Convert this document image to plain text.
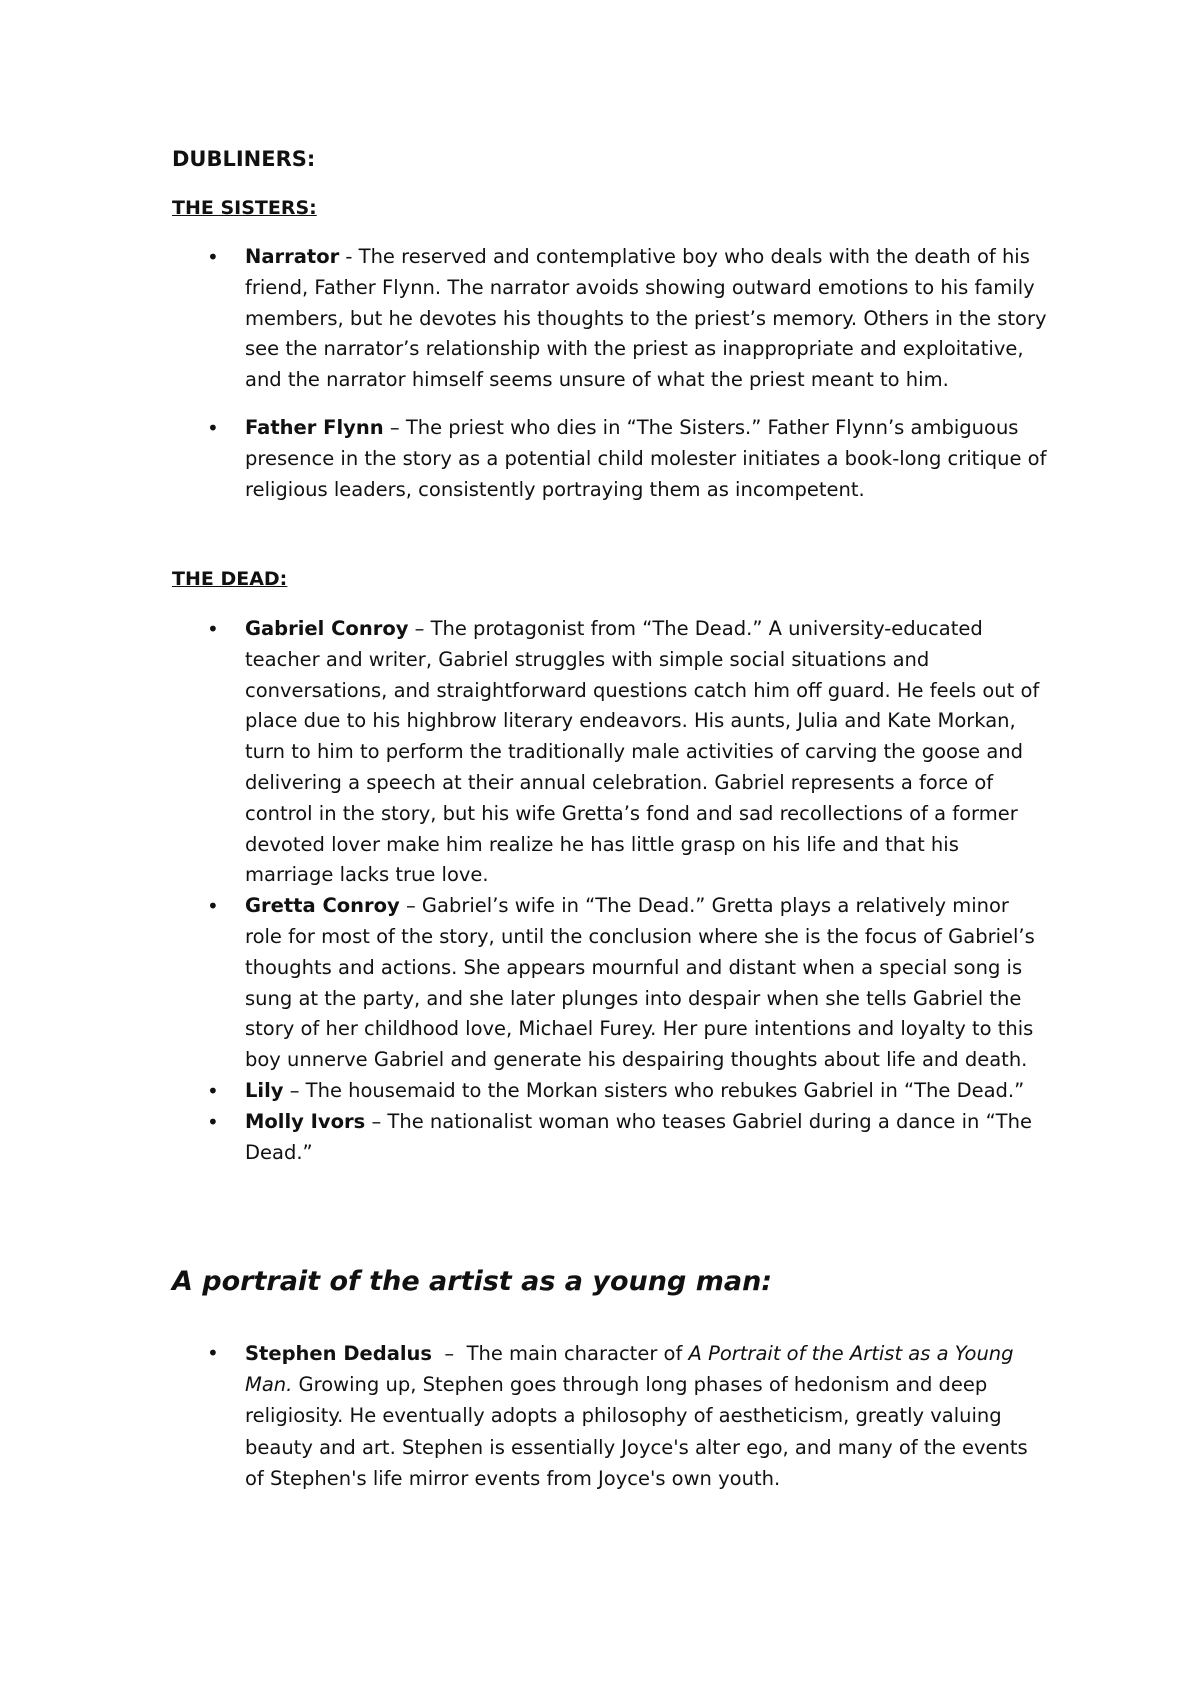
DUBLINERS:
THE SISTERS:
• Narrator - The reserved and contemplative boy who deals with the death of his friend, Father Flynn. The narrator avoids showing outward emotions to his family members, but he devotes his thoughts to the priest’s memory. Others in the story see the narrator’s relationship with the priest as inappropriate and exploitative, and the narrator himself seems unsure of what the priest meant to him.
• Father Flynn – The priest who dies in “The Sisters.” Father Flynn’s ambiguous presence in the story as a potential child molester initiates a book-long critique of religious leaders, consistently portraying them as incompetent.
THE DEAD:
• Gabriel Conroy – The protagonist from “The Dead.” A university-educated teacher and writer, Gabriel struggles with simple social situations and conversations, and straightforward questions catch him off guard. He feels out of place due to his highbrow literary endeavors. His aunts, Julia and Kate Morkan, turn to him to perform the traditionally male activities of carving the goose and delivering a speech at their annual celebration. Gabriel represents a force of control in the story, but his wife Gretta’s fond and sad recollections of a former devoted lover make him realize he has little grasp on his life and that his marriage lacks true love.
• Gretta Conroy – Gabriel’s wife in “The Dead.” Gretta plays a relatively minor role for most of the story, until the conclusion where she is the focus of Gabriel’s thoughts and actions. She appears mournful and distant when a special song is sung at the party, and she later plunges into despair when she tells Gabriel the story of her childhood love, Michael Furey. Her pure intentions and loyalty to this boy unnerve Gabriel and generate his despairing thoughts about life and death.
• Lily – The housemaid to the Morkan sisters who rebukes Gabriel in “The Dead.”
• Molly Ivors – The nationalist woman who teases Gabriel during a dance in “The Dead.”
A portrait of the artist as a young man:
• Stephen Dedalus  –  The main character of A Portrait of the Artist as a Young Man. Growing up, Stephen goes through long phases of hedonism and deep religiosity. He eventually adopts a philosophy of aestheticism, greatly valuing beauty and art. Stephen is essentially Joyce's alter ego, and many of the events of Stephen's life mirror events from Joyce's own youth.
